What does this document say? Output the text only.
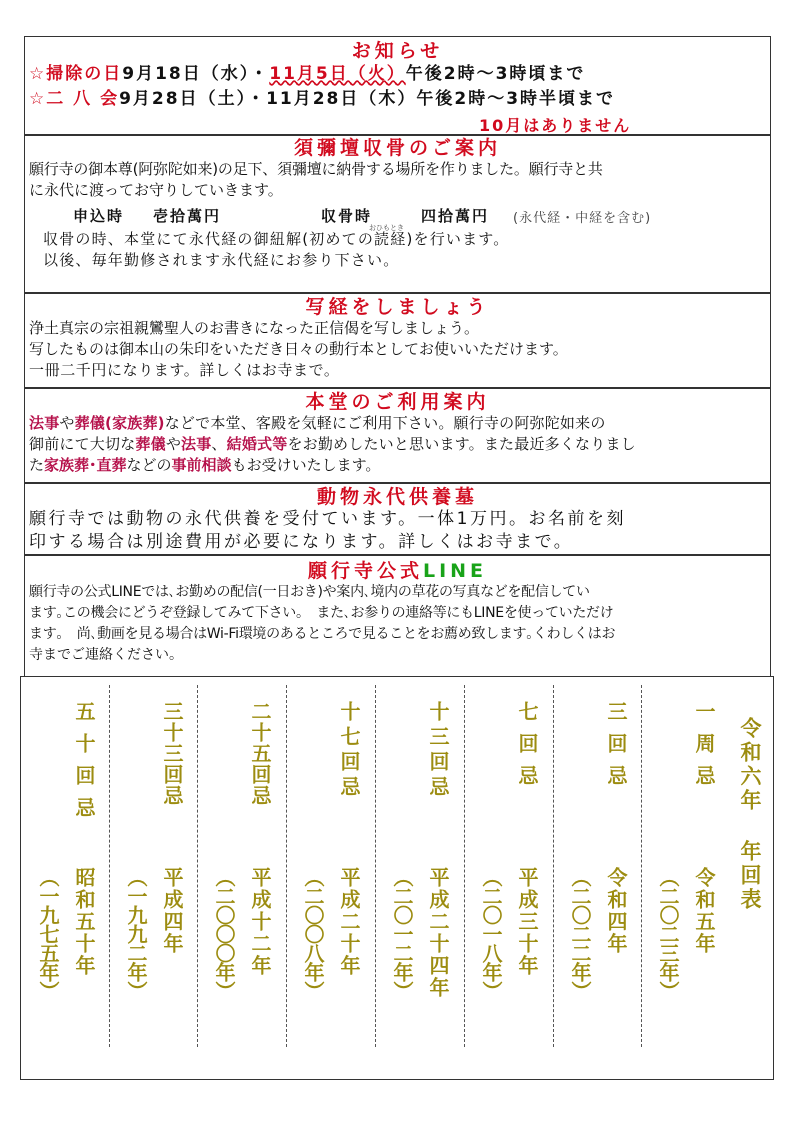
お知らせ
☆掃除の日9月18日（水）・11月5日（火）午後2時～3時頃まで
☆二 八 会9月28日（土）・11月28日（木）午後2時～3時半頃まで
10月はありません
須彌壇収骨のご案内
願行寺の御本尊(阿弥陀如来)の足下、須彌壇に納骨する場所を作りました。願行寺と共
に永代に渡ってお守りしていきます。
申込時 壱拾萬円	収骨時	四拾萬円 (永代経・中経を含む)
おひもとき
収骨の時、本堂にて永代経の御紐解(初めての読経)を行います。
以後、毎年勤修されます永代経にお参り下さい。
写経をしましょう
浄土真宗の宗祖親鸞聖人のお書きになった正信偈を写しましょう。
写したものは御本山の朱印をいただき日々の動行本としてお使いいただけます。
一冊二千円になります。詳しくはお寺まで。
本堂のご利用案内
法事や葬儀(家族葬)などで本堂、客殿を気軽にご利用下さい。願行寺の阿弥陀如来の
御前にて大切な葬儀や法事、結婚式等をお勤めしたいと思います。また最近多くなりまし
た家族葬･直葬などの事前相談もお受けいたします。
動物永代供養墓
願行寺では動物の永代供養を受付ています。一体1万円。お名前を刻
印する場合は別途費用が必要になります。詳しくはお寺まで。
願行寺公式LINE
願行寺の公式LINEでは､お勤めの配信(一日おき)や案内､境内の草花の写真などを配信してい
ます｡この機会にどうぞ登録してみて下さい｡　また､お参りの連絡等にもLINEを使っていただけ
ます｡　尚､動画を見る場合はWi-Fi環境のあるところで見ることをお薦め致します｡くわしくはお
寺までご連絡ください｡
令和六年 年回表
一周忌
令和五年
（二〇二三年）
三回忌
令和四年
（二〇二二年）
七回忌
平成三十年
（二〇一八年）
十三回忌
平成二十四年
（二〇一二年）
十七回忌
平成二十年
（二〇〇八年）
二十五回忌
平成十二年
（二〇〇〇年）
三十三回忌
平成四年
（一九九二年）
五十回忌
昭和五十年
（一九七五年）
